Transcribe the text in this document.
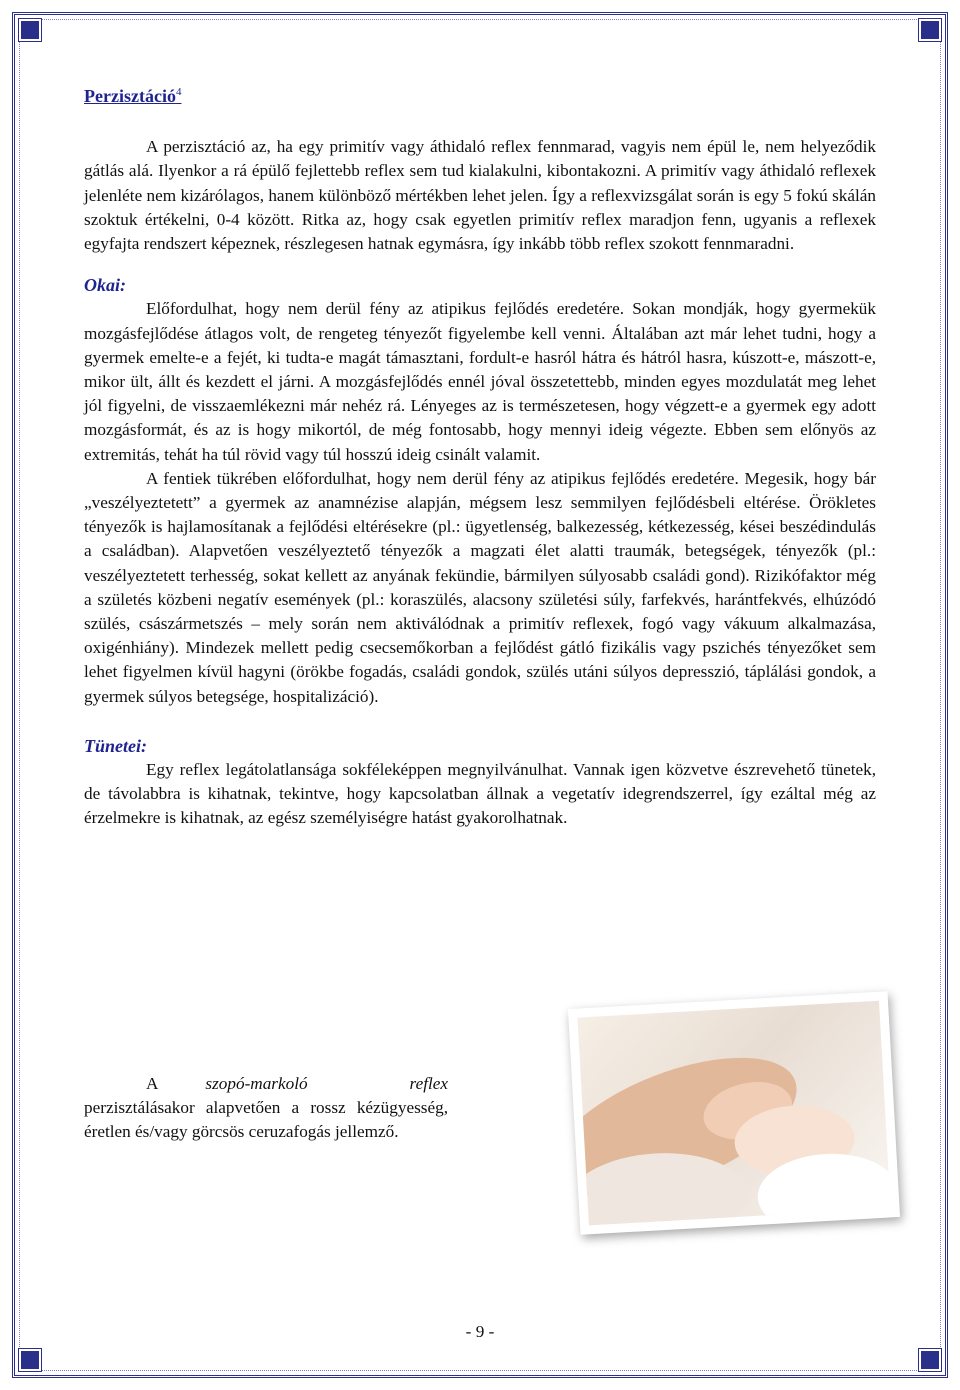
Perzisztáció$^4$

A perzisztáció az, ha egy primitív vagy áthidaló reflex fennmarad, vagyis nem épül le, nem helyeződik gátlás alá. Ilyenkor a rá épülő fejlettebb reflex sem tud kialakulni, kibontakozni. A primitív vagy áthidaló reflexek jelenléte nem kizárólagos, hanem különböző mértékben lehet jelen. Így a reflexvizsgálat során is egy 5 fokú skálán szoktuk értékelni, 0-4 között. Ritka az, hogy csak egyetlen primitív reflex maradjon fenn, ugyanis a reflexek egyfajta rendszert képeznek, részlegesen hatnak egymásra, így inkább több reflex szokott fennmaradni.

Okai:

Előfordulhat, hogy nem derül fény az atipikus fejlődés eredetére. Sokan mondják, hogy gyermekük mozgásfejlődése átlagos volt, de rengeteg tényezőt figyelembe kell venni. Általában azt már lehet tudni, hogy a gyermek emelte-e a fejét, ki tudta-e magát támasztani, fordult-e hasról hátra és hátról hasra, kúszott-e, mászott-e, mikor ült, állt és kezdett el járni. A mozgásfejlődés ennél jóval összetettebb, minden egyes mozdulatát meg lehet jól figyelni, de visszaemlékezni már nehéz rá. Lényeges az is természetesen, hogy végzett-e a gyermek egy adott mozgásformát, és az is hogy mikortól, de még fontosabb, hogy mennyi ideig végezte. Ebben sem előnyös az extremitás, tehát ha túl rövid vagy túl hosszú ideig csinált valamit.

A fentiek tükrében előfordulhat, hogy nem derül fény az atipikus fejlődés eredetére. Megesik, hogy bár „veszélyeztetett” a gyermek az anamnézise alapján, mégsem lesz semmilyen fejlődésbeli eltérése. Örökletes tényezők is hajlamosítanak a fejlődési eltérésekre (pl.: ügyetlenség, balkezesség, kétkezesség, kései beszédindulás a családban). Alapvetően veszélyeztető tényezők a magzati élet alatti traumák, betegségek, tényezők (pl.: veszélyeztetett terhesség, sokat kellett az anyának fekündie, bármilyen súlyosabb családi gond). Rizikófaktor még a születés közbeni negatív események (pl.: koraszülés, alacsony születési súly, farfekvés, harántfekvés, elhúzódó szülés, császármetszés – mely során nem aktiválódnak a primitív reflexek, fogó vagy vákuum alkalmazása, oxigénhiány). Mindezek mellett pedig csecsemőkorban a fejlődést gátló fizikális vagy pszichés tényezőket sem lehet figyelmen kívül hagyni (örökbe fogadás, családi gondok, szülés utáni súlyos depresszió, táplálási gondok, a gyermek súlyos betegsége, hospitalizáció).

Tünetei:

Egy reflex legátolatlansága sokféleképpen megnyilvánulhat. Vannak igen közvetve észrevehető tünetek, de távolabbra is kihatnak, tekintve, hogy kapcsolatban állnak a vegetatív idegrendszerrel, így ezáltal még az érzelmekre is kihatnak, az egész személyiségre hatást gyakorolhatnak.

A szopó-markoló	reflex perzisztálásakor alapvetően a rossz kézügyesség, éretlen és/vagy görcsös ceruzafogás jellemző.
- 9 -
